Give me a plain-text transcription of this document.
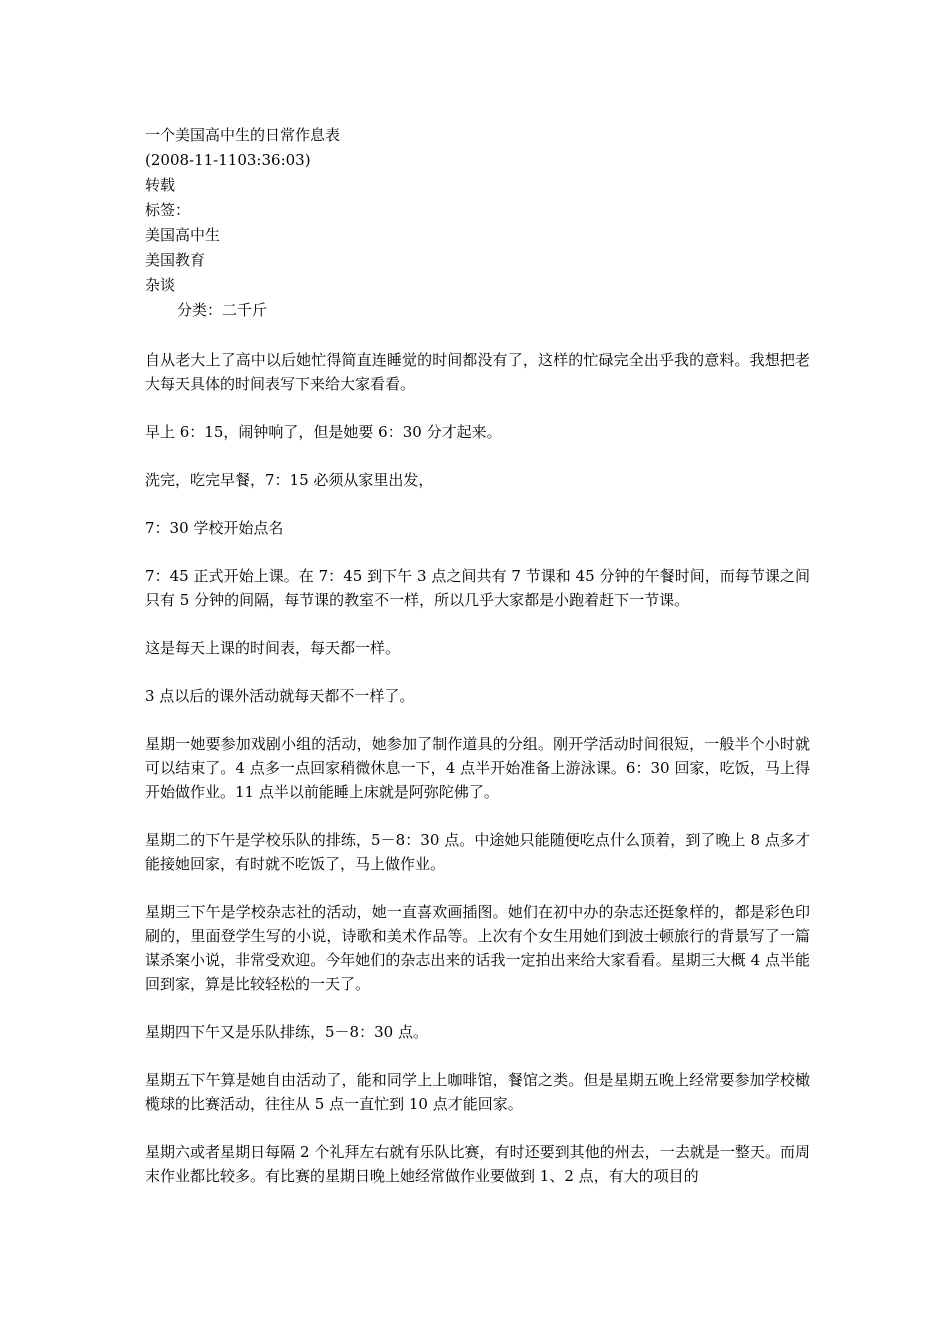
一个美国高中生的日常作息表
(2008-11-1103:36:03)
转载
标签：
美国高中生
美国教育
杂谈
分类：二千斤

自从老大上了高中以后她忙得简直连睡觉的时间都没有了，这样的忙碌完全出乎我的意料。我想把老大每天具体的时间表写下来给大家看看。

早上 6：15，闹钟响了，但是她要 6：30 分才起来。

洗完，吃完早餐，7：15 必须从家里出发，

7：30 学校开始点名

7：45 正式开始上课。在 7：45 到下午 3 点之间共有 7 节课和 45 分钟的午餐时间，而每节课之间只有 5 分钟的间隔，每节课的教室不一样，所以几乎大家都是小跑着赶下一节课。

这是每天上课的时间表，每天都一样。

3 点以后的课外活动就每天都不一样了。

星期一她要参加戏剧小组的活动，她参加了制作道具的分组。刚开学活动时间很短，一般半个小时就可以结束了。4 点多一点回家稍微休息一下，4 点半开始准备上游泳课。6：30 回家，吃饭，马上得开始做作业。11 点半以前能睡上床就是阿弥陀佛了。

星期二的下午是学校乐队的排练，5－8：30 点。中途她只能随便吃点什么顶着，到了晚上 8 点多才能接她回家，有时就不吃饭了，马上做作业。

星期三下午是学校杂志社的活动，她一直喜欢画插图。她们在初中办的杂志还挺象样的，都是彩色印刷的，里面登学生写的小说，诗歌和美术作品等。上次有个女生用她们到波士顿旅行的背景写了一篇谋杀案小说，非常受欢迎。今年她们的杂志出来的话我一定拍出来给大家看看。星期三大概 4 点半能回到家，算是比较轻松的一天了。

星期四下午又是乐队排练，5－8：30 点。

星期五下午算是她自由活动了，能和同学上上咖啡馆，餐馆之类。但是星期五晚上经常要参加学校橄榄球的比赛活动，往往从 5 点一直忙到 10 点才能回家。

星期六或者星期日每隔 2 个礼拜左右就有乐队比赛，有时还要到其他的州去，一去就是一整天。而周末作业都比较多。有比赛的星期日晚上她经常做作业要做到 1、2 点，有大的项目的
